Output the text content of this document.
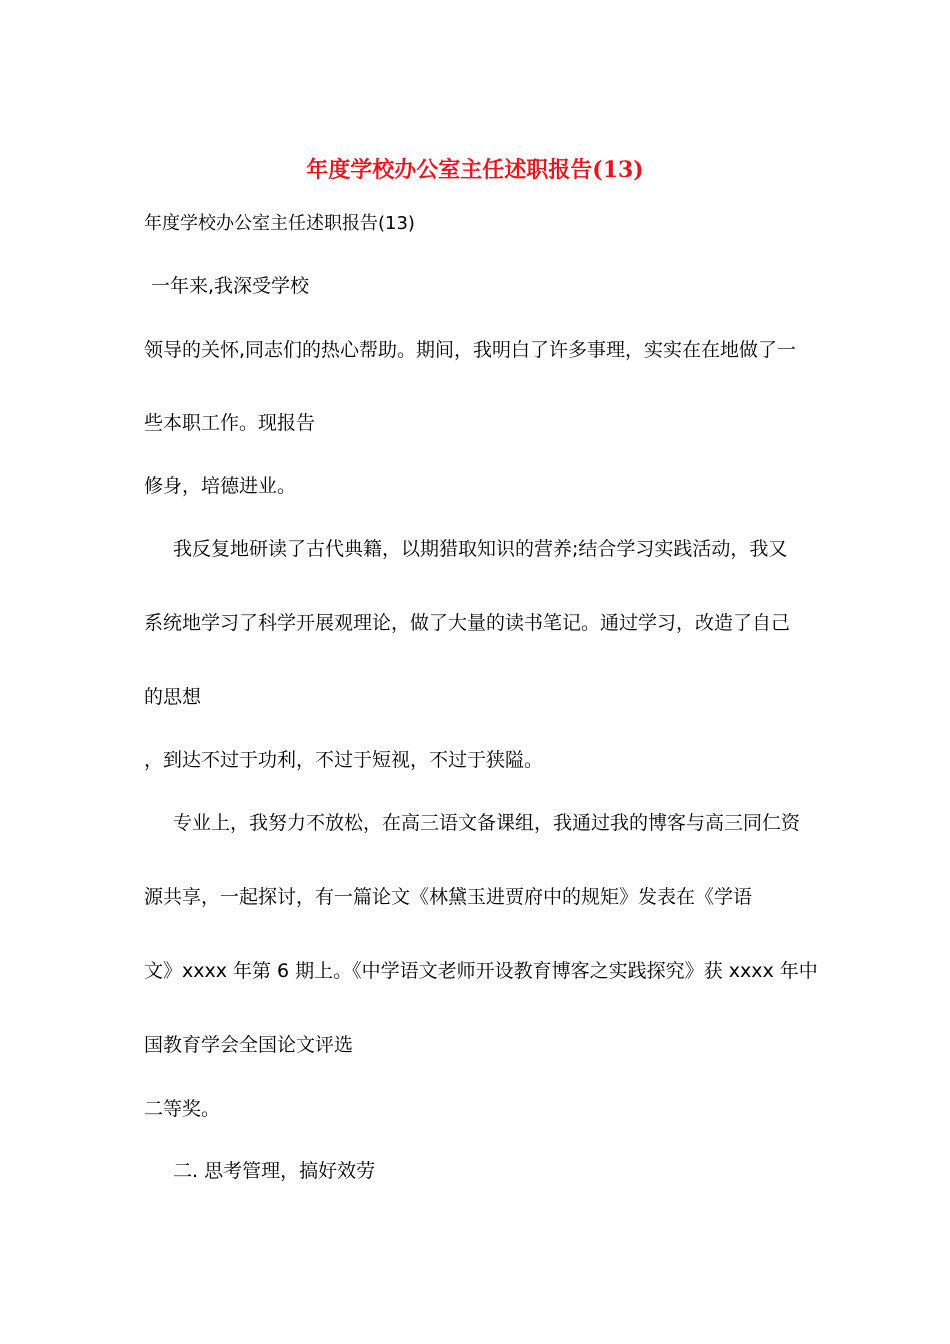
年度学校办公室主任述职报告(13)

年度学校办公室主任述职报告(13)

一年来,我深受学校

领导的关怀,同志们的热心帮助。期间，我明白了许多事理，实实在在地做了一

些本职工作。现报告

修身，培德进业。

我反复地研读了古代典籍，以期猎取知识的营养;结合学习实践活动，我又

系统地学习了科学开展观理论，做了大量的读书笔记。通过学习，改造了自己

的思想

，到达不过于功利，不过于短视，不过于狭隘。

专业上，我努力不放松，在高三语文备课组，我通过我的博客与高三同仁资

源共享，一起探讨，有一篇论文《林黛玉进贾府中的规矩》发表在《学语

文》xxxx 年第 6 期上。《中学语文老师开设教育博客之实践探究》获 xxxx 年中

国教育学会全国论文评选

二等奖。

二. 思考管理，搞好效劳
